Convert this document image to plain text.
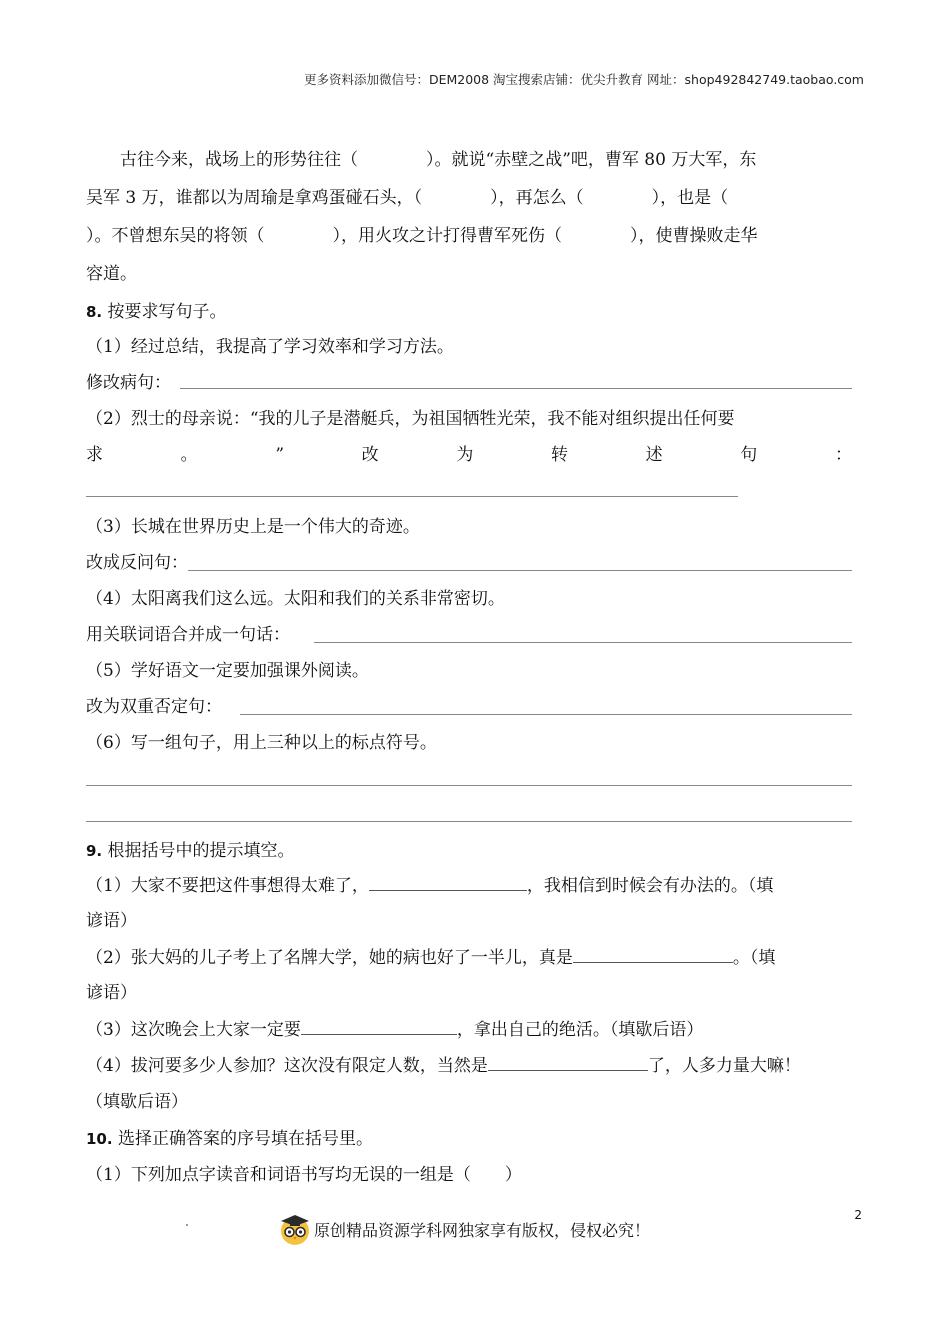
更多资料添加微信号：DEM2008 淘宝搜索店铺：优尖升教育 网址：shop492842749.taobao.com
　　古往今来，战场上的形势往往（　　　　）。就说“赤壁之战”吧，曹军 80 万大军，东
吴军 3 万，谁都以为周瑜是拿鸡蛋碰石头，（　　　　），再怎么（　　　　），也是（
）。不曾想东吴的将领（　　　　），用火攻之计打得曹军死伤（　　　　），使曹操败走华
容道。
8. 按要求写句子。
（1）经过总结，我提高了学习效率和学习方法。
修改病句：
（2）烈士的母亲说：“我的儿子是潜艇兵，为祖国牺牲光荣，我不能对组织提出任何要
求	。	”	改	为	转	述	句	：
（3）长城在世界历史上是一个伟大的奇迹。
改成反问句：
（4）太阳离我们这么远。太阳和我们的关系非常密切。
用关联词语合并成一句话：
（5）学好语文一定要加强课外阅读。
改为双重否定句：
（6）写一组句子，用上三种以上的标点符号。
9. 根据括号中的提示填空。
（1）大家不要把这件事想得太难了，	，我相信到时候会有办法的。（填
谚语）
（2）张大妈的儿子考上了名牌大学，她的病也好了一半儿，真是	。（填
谚语）
（3）这次晚会上大家一定要	，拿出自己的绝活。（填歇后语）
（4）拔河要多少人参加？这次没有限定人数，当然是	了，人多力量大嘛！
（填歇后语）
10. 选择正确答案的序号填在括号里。
（1）下列加点字读音和词语书写均无误的一组是（　　）
2
原创精品资源学科网独家享有版权，侵权必究！
